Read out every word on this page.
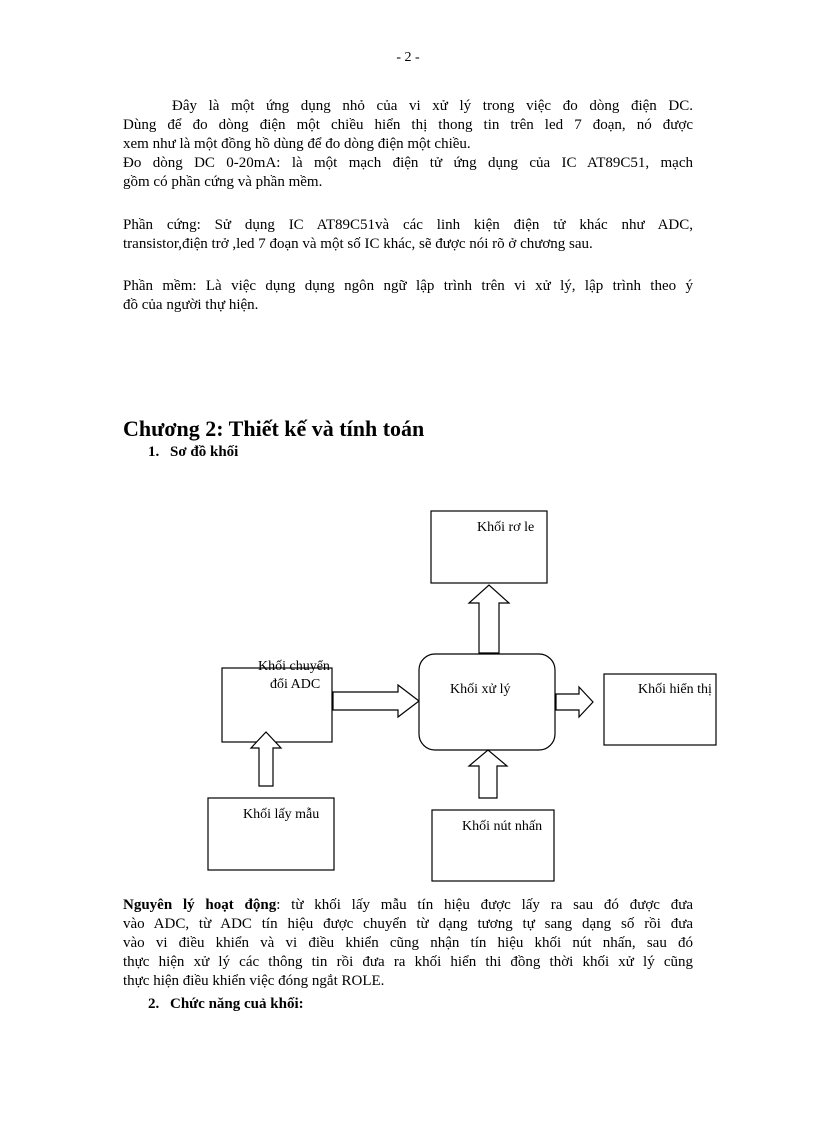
- 2 -
Đây là một ứng dụng nhỏ của vi xử lý trong việc đo dòng điện DC.
Dùng để đo dòng điện một chiều hiển thị thong tin trên led 7 đoạn, nó được
xem như là một đồng hồ dùng để đo dòng điện một chiều.
Đo dòng DC 0-20mA: là một mạch điện tử ứng dụng của IC AT89C51, mạch
gồm có phần cứng và phần mềm.
Phần cứng: Sử dụng IC AT89C51và các linh kiện điện tử khác như ADC,
transistor,điện trở ,led 7 đoạn và một số IC khác, sẽ được nói rõ ở chương sau.
Phần mềm: Là việc dụng dụng ngôn ngữ lập trình trên vi xử lý, lập trình theo ý
đồ của người thự hiện.
Chương 2: Thiết kế và tính toán
1. Sơ đồ khối
Khối rơ le
Khối chuyển
đổi ADC	Khối xử lý	Khối hiển thị
Khối lấy mẫu
Khối nút nhấn
Nguyên lý hoạt động: từ khối lấy mẫu tín hiệu được lấy ra sau đó được đưa
vào ADC, từ ADC tín hiệu được chuyển từ dạng tương tự sang dạng số rồi đưa
vào vi điều khiển và vi điều khiển cũng nhận tín hiệu khối nút nhấn, sau đó
thực hiện xử lý các thông tin rồi đưa ra khối hiển thi đồng thời khối xử lý cũng
thực hiện điều khiển việc đóng ngắt ROLE.
2. Chức năng cuả khối:
